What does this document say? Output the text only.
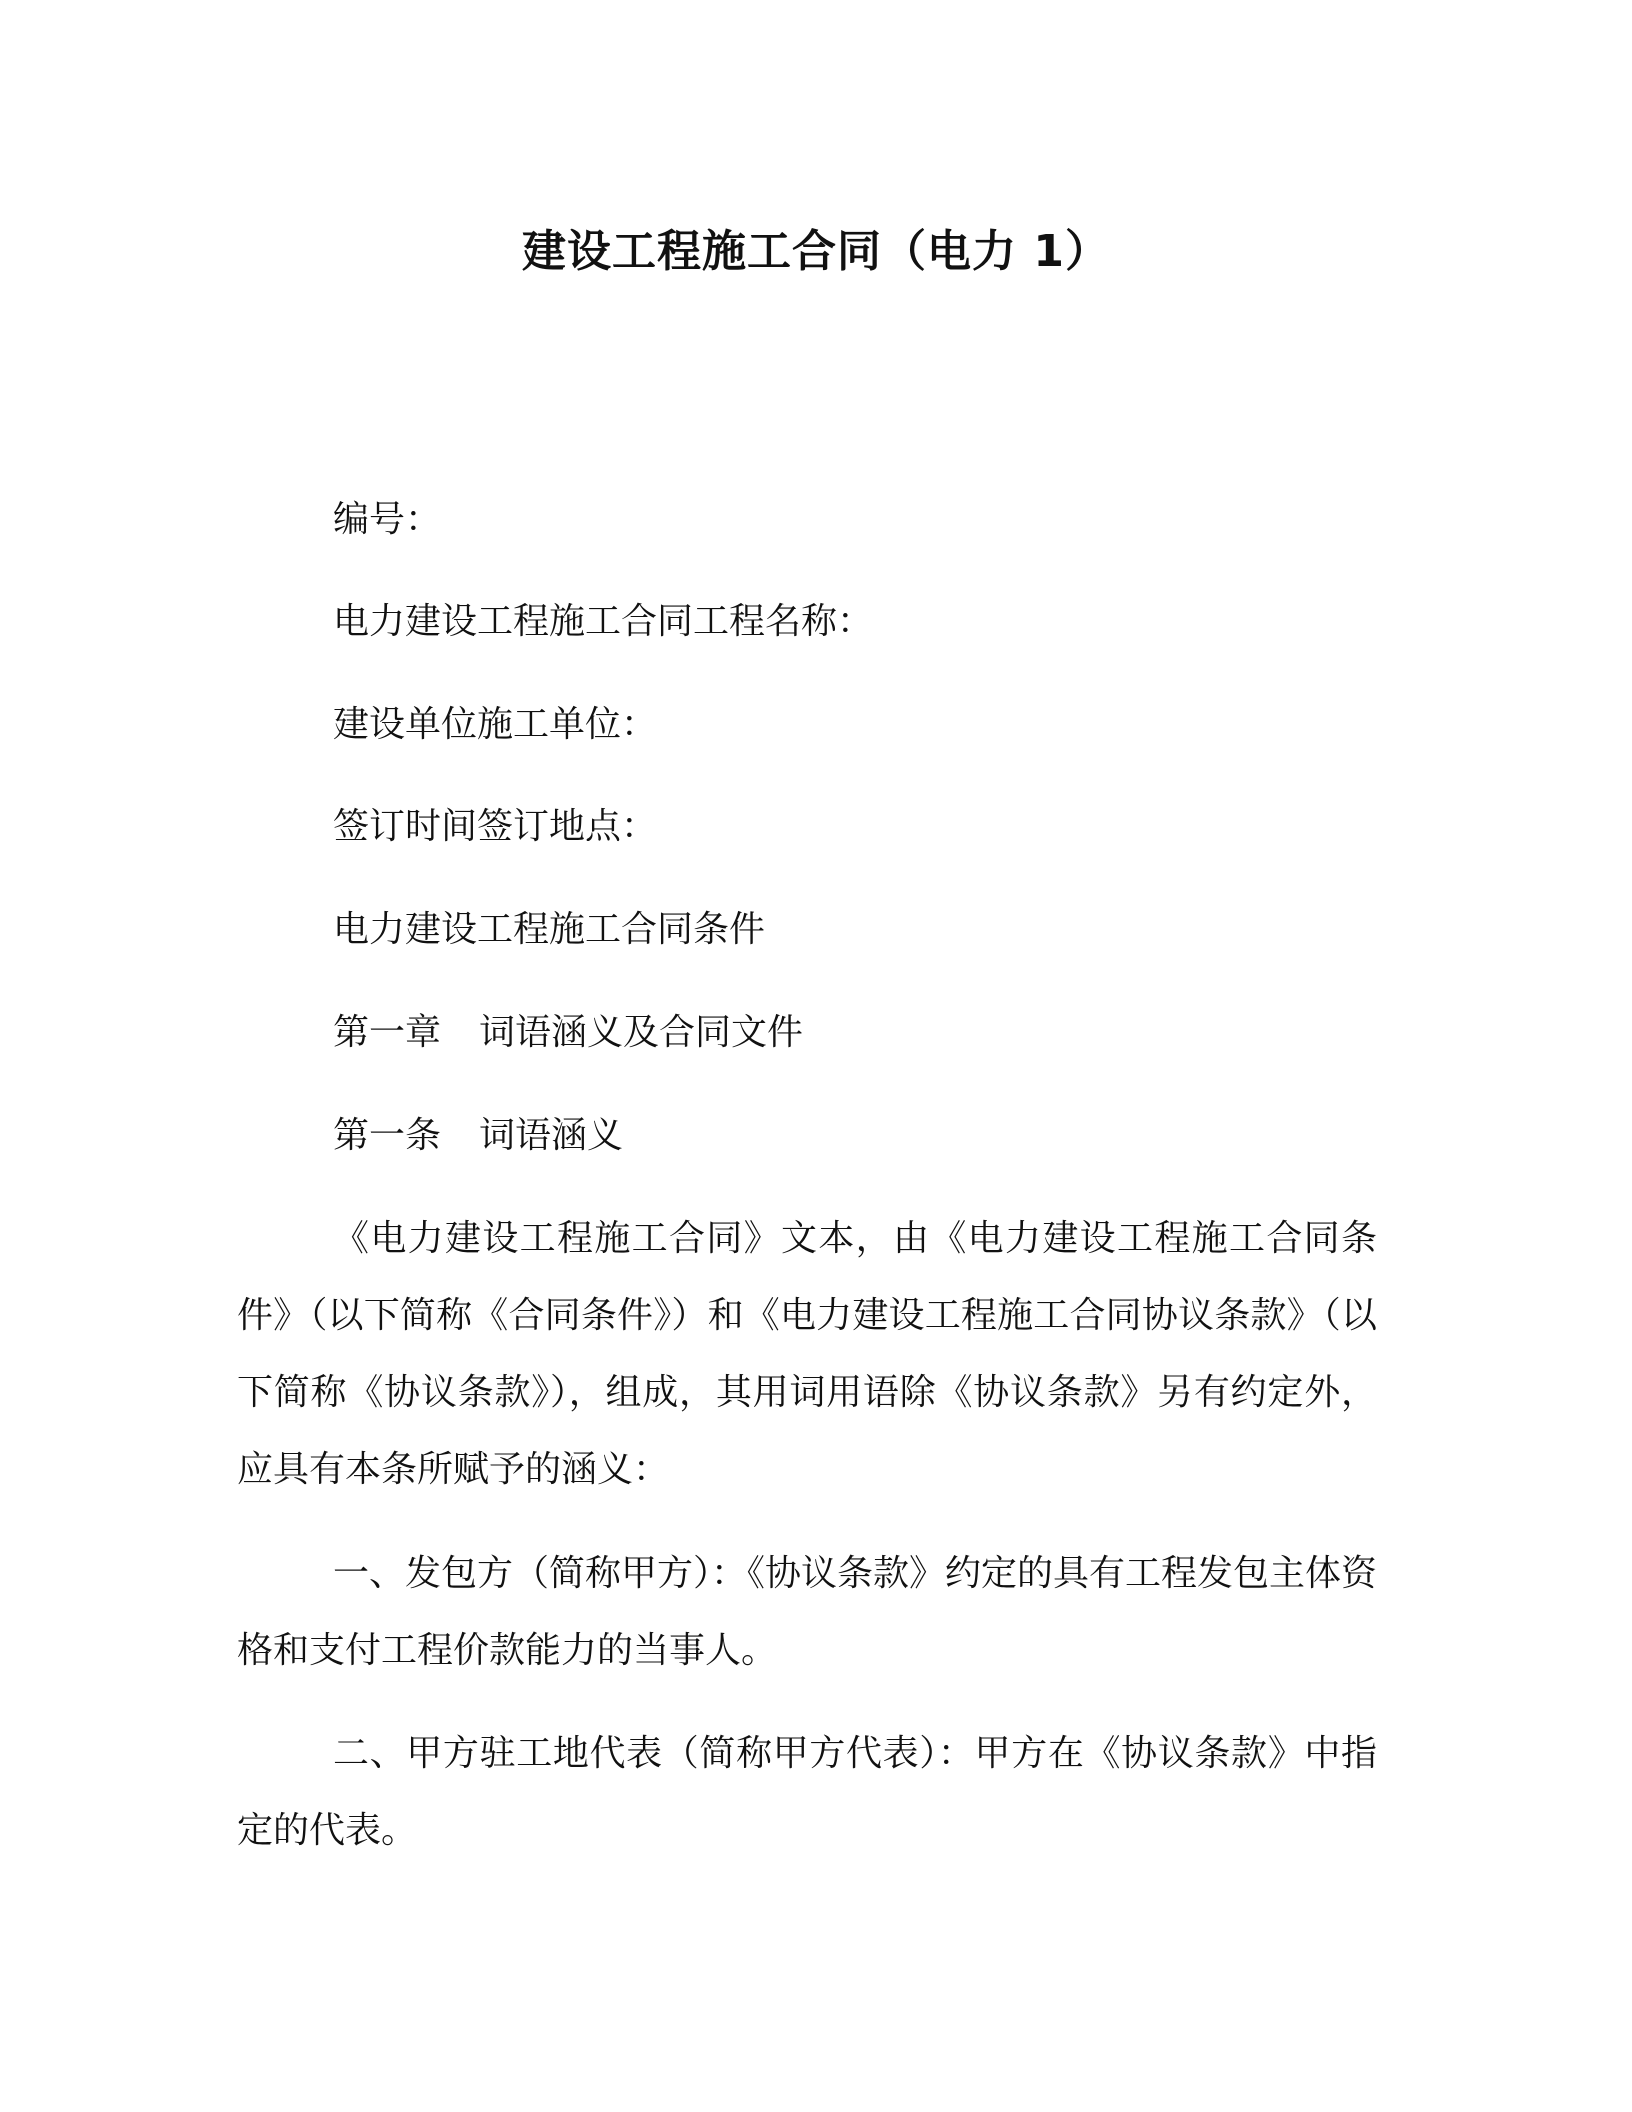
建设工程施工合同（电力 1）
编号：
电力建设工程施工合同工程名称：
建设单位施工单位：
签订时间签订地点：
电力建设工程施工合同条件
第一章 词语涵义及合同文件
第一条 词语涵义

《电力建设工程施工合同》文本，由《电力建设工程施工合同条件》（以下简称《合同条件》）和《电力建设工程施工合同协议条款》（以下简称《协议条款》），组成，其用词用语除《协议条款》另有约定外，应具有本条所赋予的涵义：

一、发包方（简称甲方）：《协议条款》约定的具有工程发包主体资格和支付工程价款能力的当事人。

二、甲方驻工地代表（简称甲方代表）：甲方在《协议条款》中指定的代表。
